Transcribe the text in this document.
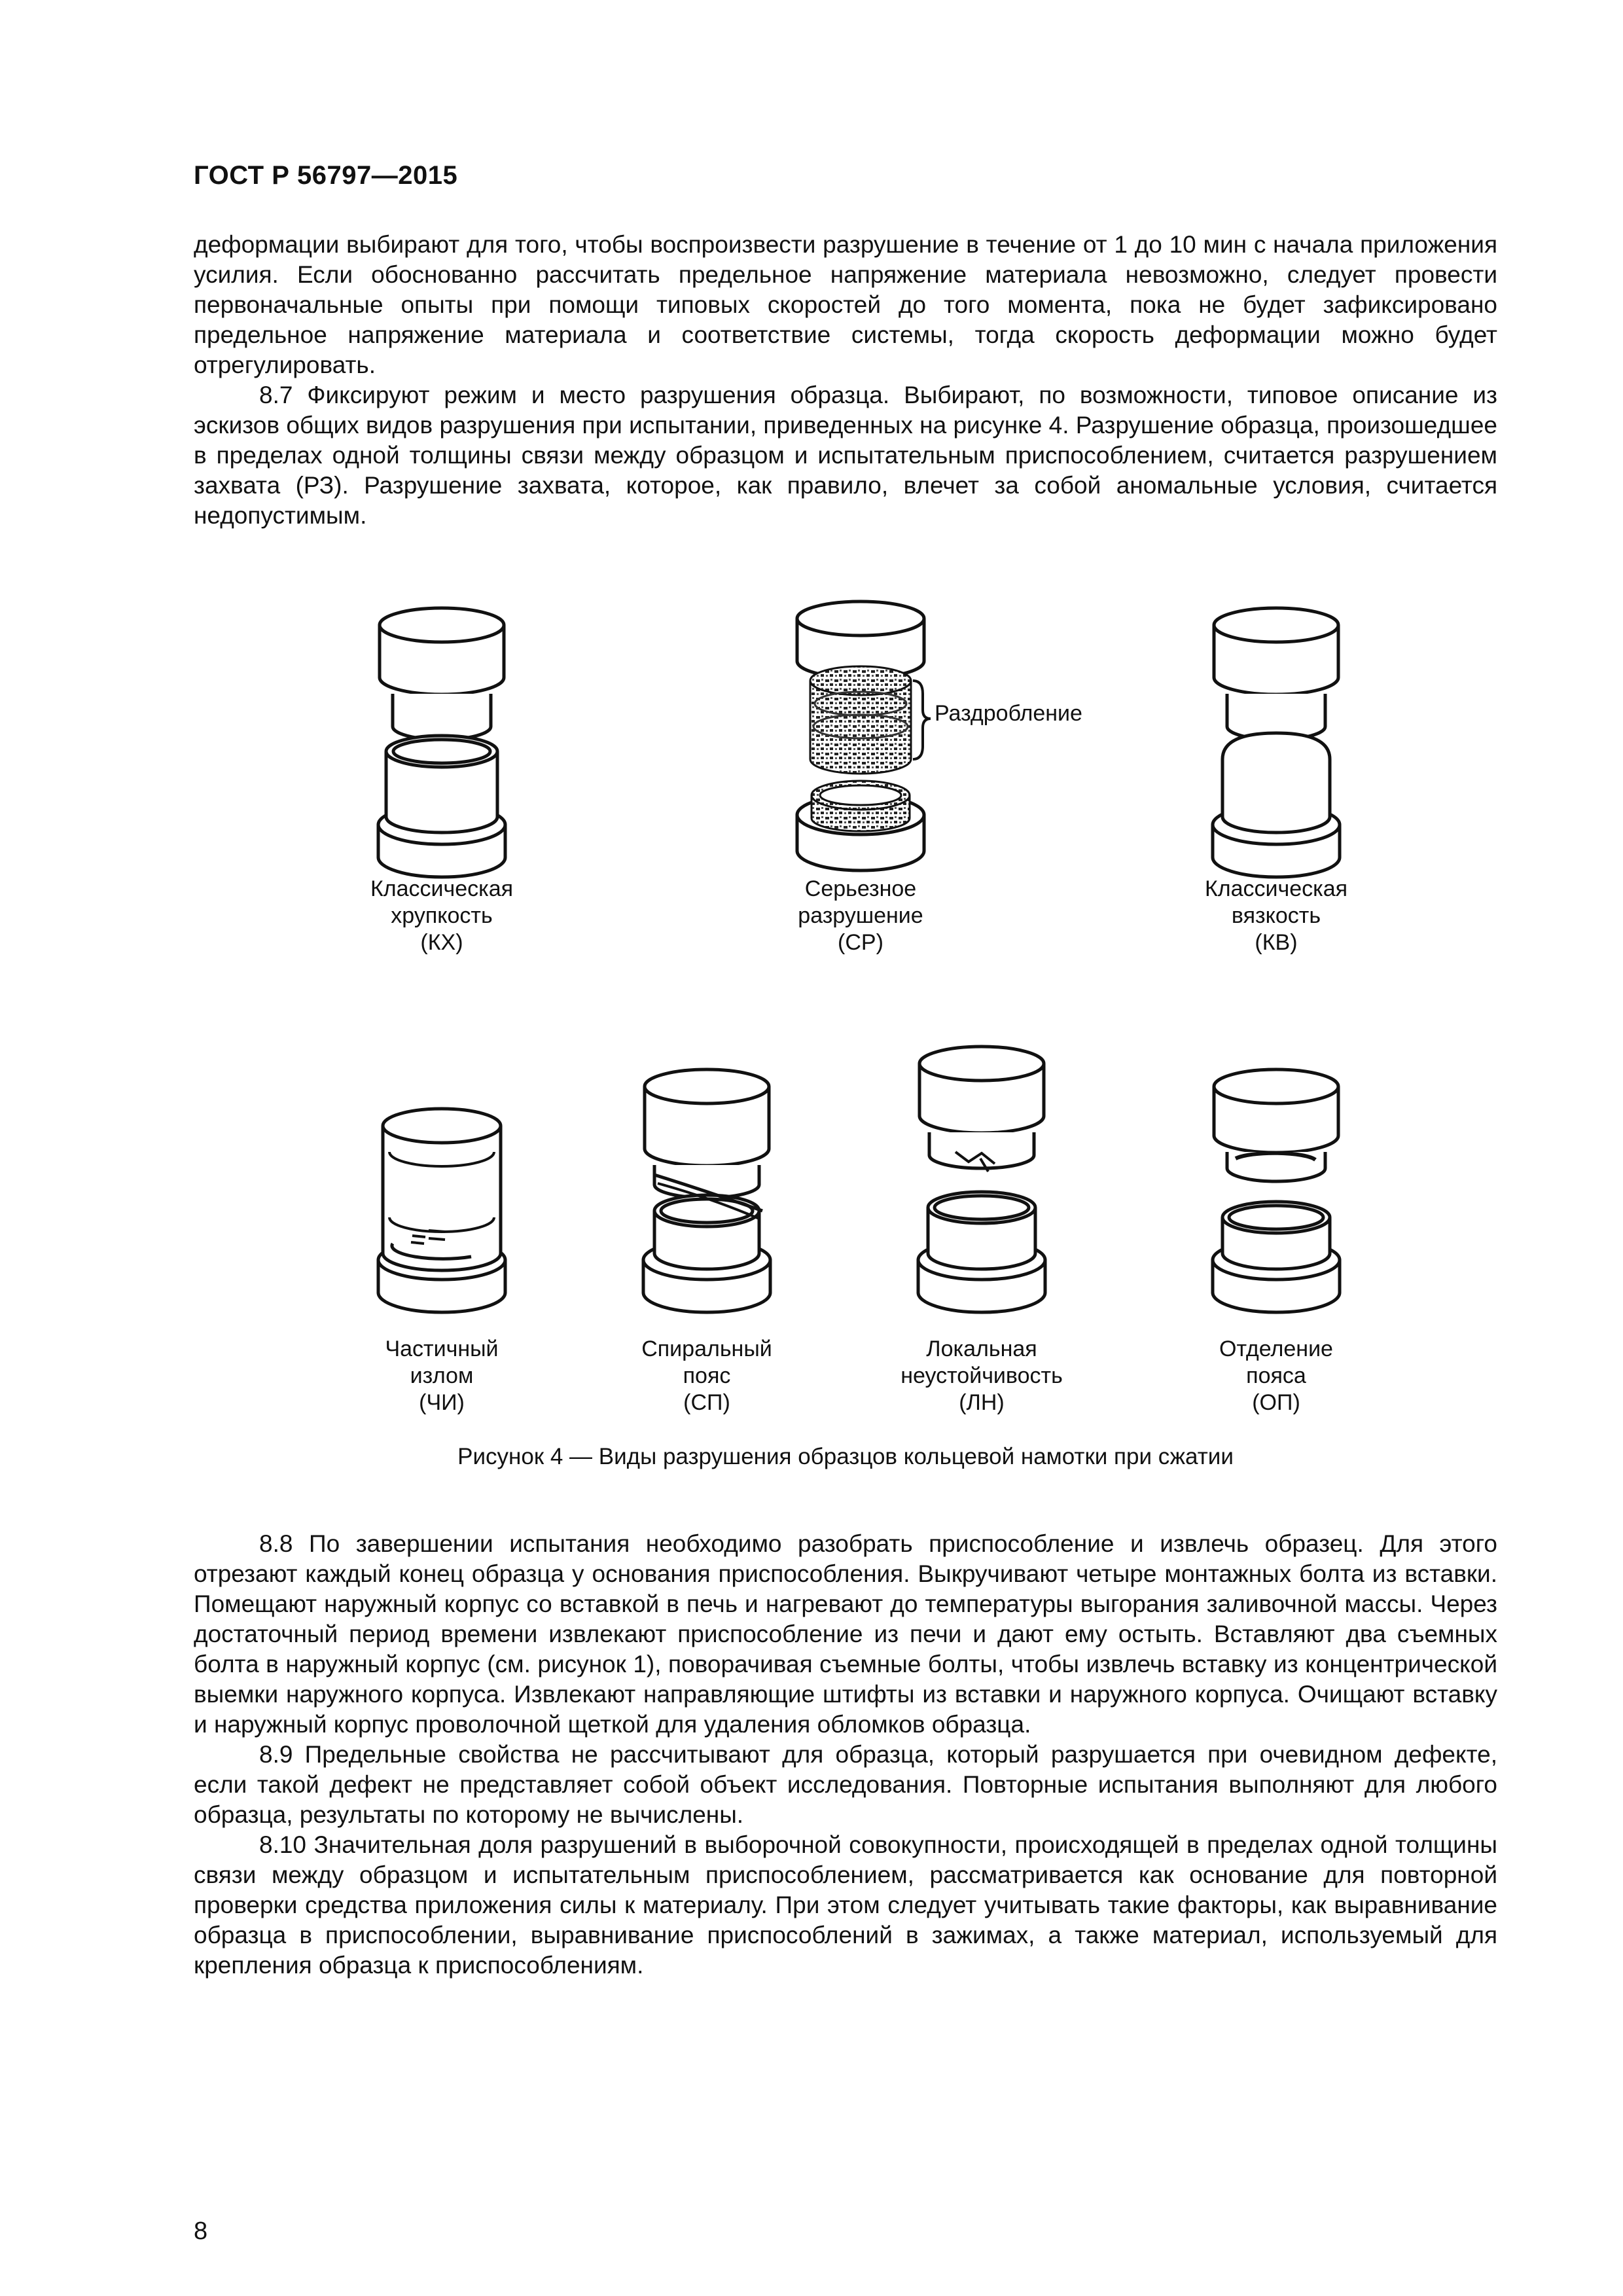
ГОСТ Р 56797—2015

деформации выбирают для того, чтобы воспроизвести разрушение в течение от 1 до 10 мин с начала приложения усилия. Если обоснованно рассчитать предельное напряжение материала невозможно, следует провести первоначальные опыты при помощи типовых скоростей до того момента, пока не будет зафиксировано предельное напряжение материала и соответствие системы, тогда скорость деформации можно будет отрегулировать.

8.7 Фиксируют режим и место разрушения образца. Выбирают, по возможности, типовое описание из эскизов общих видов разрушения при испытании, приведенных на рисунке 4. Разрушение образца, произошедшее в пределах одной толщины связи между образцом и испытательным приспособлением, считается разрушением захвата (РЗ). Разрушение захвата, которое, как правило, влечет за собой аномальные условия, считается недопустимым.

Раздробление
Классическая
хрупкость
(КХ)
Серьезное
разрушение
(СР)
Классическая
вязкость
(КВ)
Частичный
излом
(ЧИ)
Спиральный
пояс
(СП)
Локальная
неустойчивость
(ЛН)
Отделение
пояса
(ОП)
Рисунок 4 — Виды разрушения образцов кольцевой намотки при сжатии

8.8 По завершении испытания необходимо разобрать приспособление и извлечь образец. Для этого отрезают каждый конец образца у основания приспособления. Выкручивают четыре монтажных болта из вставки. Помещают наружный корпус со вставкой в печь и нагревают до температуры выгорания заливочной массы. Через достаточный период времени извлекают приспособление из печи и дают ему остыть. Вставляют два съемных болта в наружный корпус (см. рисунок 1), поворачивая съемные болты, чтобы извлечь вставку из концентрической выемки наружного корпуса. Извлекают направляющие штифты из вставки и наружного корпуса. Очищают вставку и наружный корпус проволочной щеткой для удаления обломков образца.

8.9 Предельные свойства не рассчитывают для образца, который разрушается при очевидном дефекте, если такой дефект не представляет собой объект исследования. Повторные испытания выполняют для любого образца, результаты по которому не вычислены.

8.10 Значительная доля разрушений в выборочной совокупности, происходящей в пределах одной толщины связи между образцом и испытательным приспособлением, рассматривается как основание для повторной проверки средства приложения силы к материалу. При этом следует учитывать такие факторы, как выравнивание образца в приспособлении, выравнивание приспособлений в зажимах, а также материал, используемый для крепления образца к приспособлениям.

8
